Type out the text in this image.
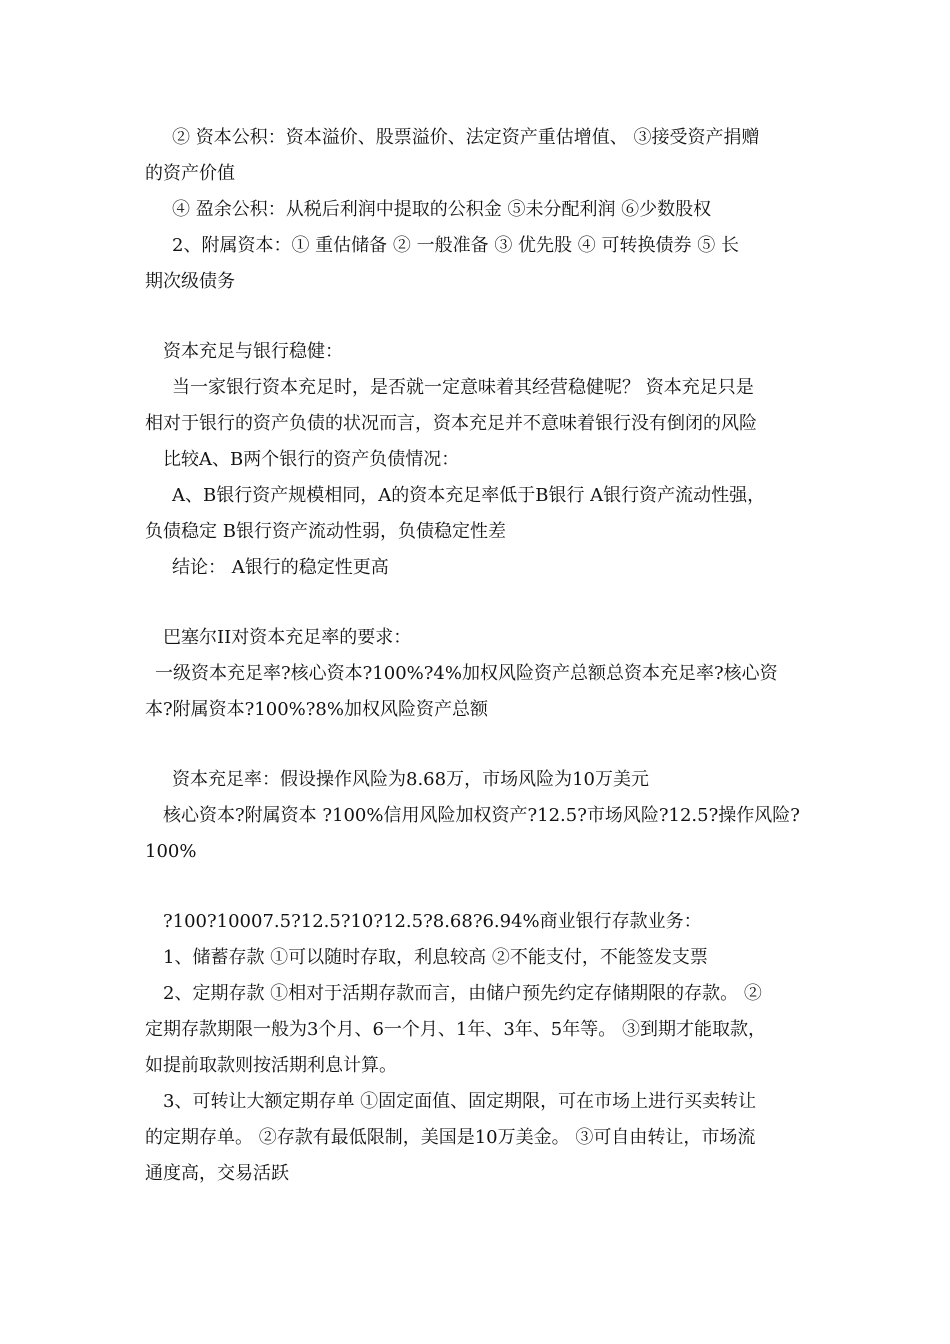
② 资本公积：资本溢价、股票溢价、法定资产重估增值、 ③接受资产捐赠
的资产价值
④ 盈余公积：从税后利润中提取的公积金 ⑤未分配利润 ⑥少数股权
2、附属资本：① 重估储备 ② 一般准备 ③ 优先股 ④ 可转换债券 ⑤ 长
期次级债务
资本充足与银行稳健：
当一家银行资本充足时，是否就一定意味着其经营稳健呢？ 资本充足只是
相对于银行的资产负债的状况而言，资本充足并不意味着银行没有倒闭的风险
比较A、B两个银行的资产负债情况：
A、B银行资产规模相同，A的资本充足率低于B银行 A银行资产流动性强，
负债稳定 B银行资产流动性弱，负债稳定性差
结论： A银行的稳定性更高
巴塞尔II对资本充足率的要求：
一级资本充足率?核心资本?100%?4%加权风险资产总额总资本充足率?核心资
本?附属资本?100%?8%加权风险资产总额
资本充足率：假设操作风险为8.68万，市场风险为10万美元
核心资本?附属资本 ?100%信用风险加权资产?12.5?市场风险?12.5?操作风险?
100%
?100?10007.5?12.5?10?12.5?8.68?6.94%商业银行存款业务：
1、储蓄存款 ①可以随时存取，利息较高 ②不能支付，不能签发支票
2、定期存款 ①相对于活期存款而言，由储户预先约定存储期限的存款。 ②
定期存款期限一般为3个月、6一个月、1年、3年、5年等。 ③到期才能取款，
如提前取款则按活期利息计算。
3、可转让大额定期存单 ①固定面值、固定期限，可在市场上进行买卖转让
的定期存单。 ②存款有最低限制，美国是10万美金。 ③可自由转让，市场流
通度高，交易活跃
